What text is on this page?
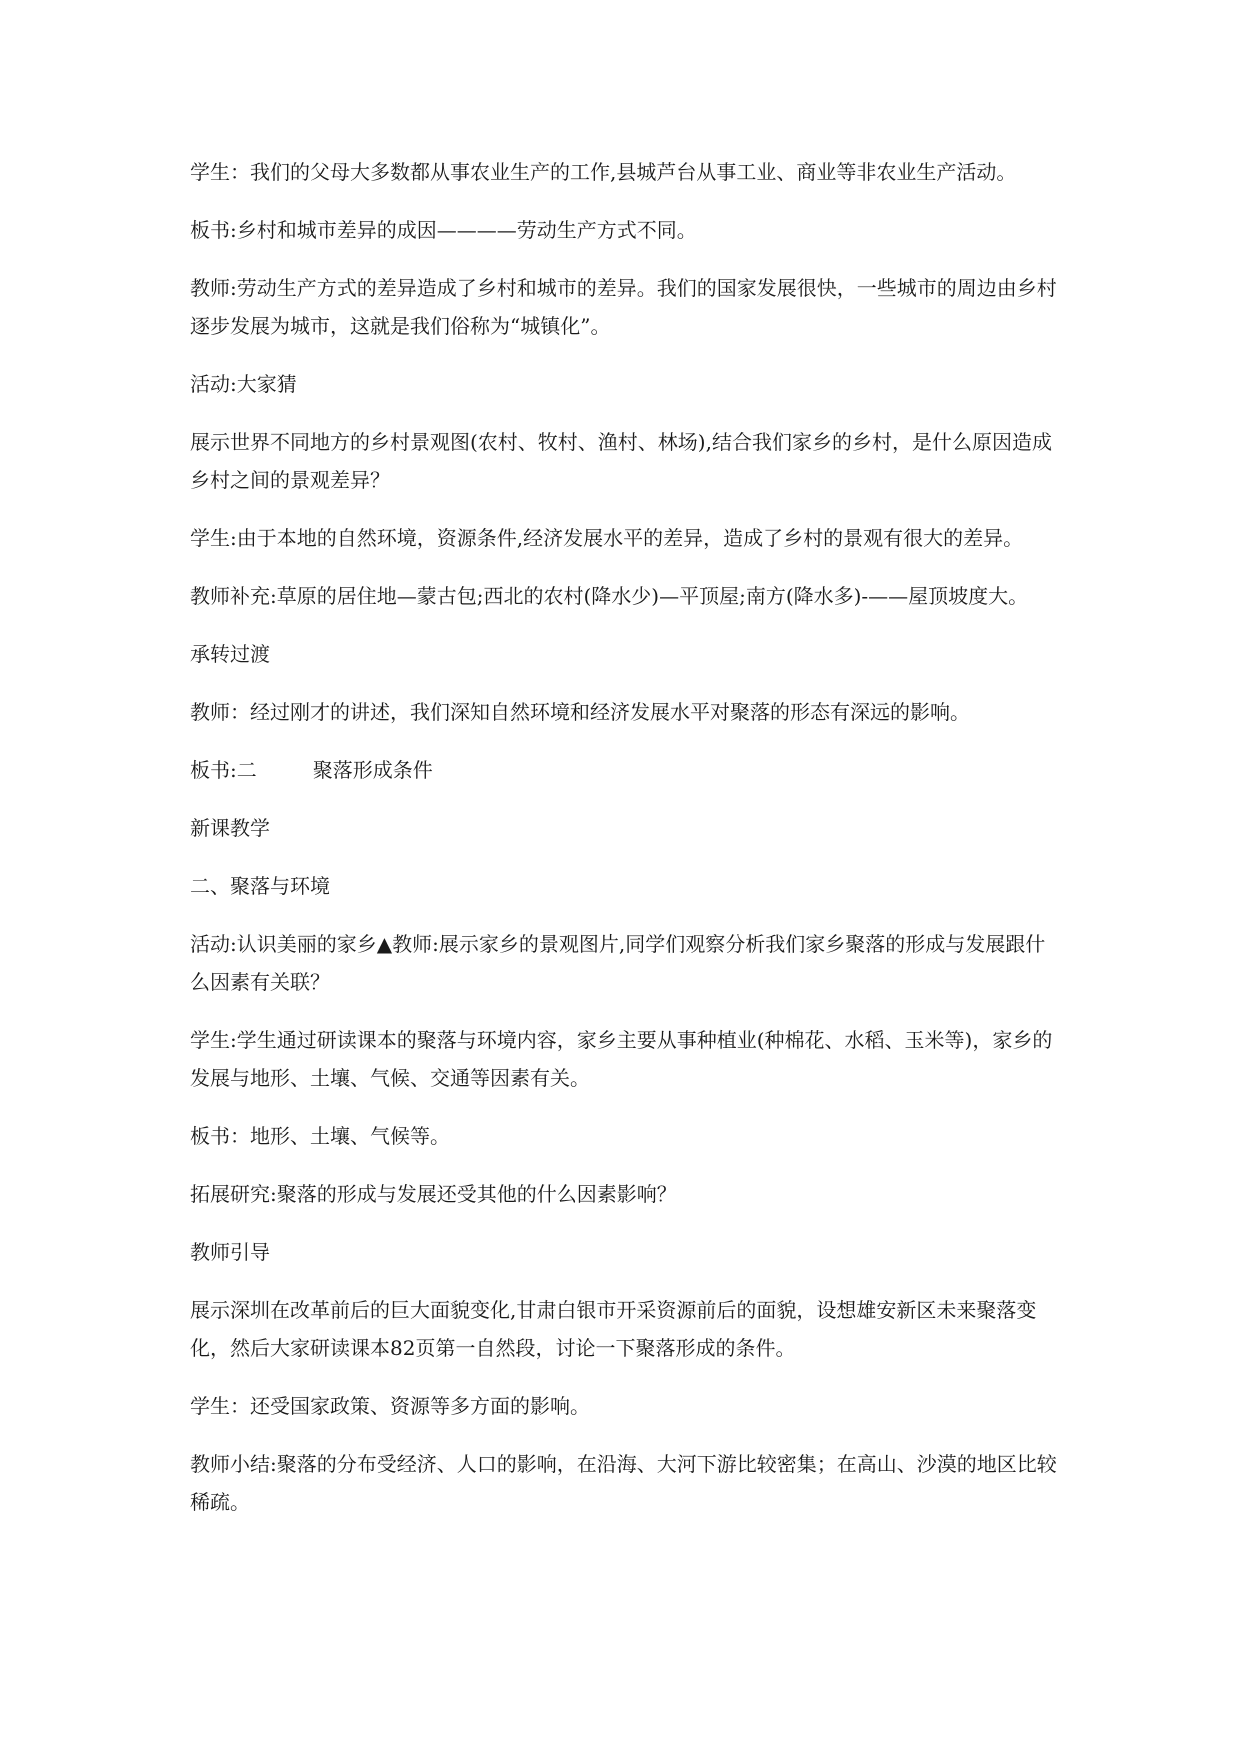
学生：我们的父母大多数都从事农业生产的工作,县城芦台从事工业、商业等非农业生产活动。

板书:乡村和城市差异的成因————劳动生产方式不同。

教师:劳动生产方式的差异造成了乡村和城市的差异。我们的国家发展很快，一些城市的周边由乡村逐步发展为城市，这就是我们俗称为“城镇化”。

活动:大家猜

展示世界不同地方的乡村景观图(农村、牧村、渔村、林场),结合我们家乡的乡村，是什么原因造成乡村之间的景观差异？

学生:由于本地的自然环境，资源条件,经济发展水平的差异，造成了乡村的景观有很大的差异。

教师补充:草原的居住地—蒙古包;西北的农村(降水少)—平顶屋;南方(降水多)-——屋顶坡度大。

承转过渡

教师：经过刚才的讲述，我们深知自然环境和经济发展水平对聚落的形态有深远的影响。

板书:二	聚落形成条件

新课教学

二、聚落与环境

活动:认识美丽的家乡▲教师:展示家乡的景观图片,同学们观察分析我们家乡聚落的形成与发展跟什么因素有关联？

学生:学生通过研读课本的聚落与环境内容，家乡主要从事种植业(种棉花、水稻、玉米等)，家乡的发展与地形、土壤、气候、交通等因素有关。

板书：地形、土壤、气候等。

拓展研究:聚落的形成与发展还受其他的什么因素影响？

教师引导

展示深圳在改革前后的巨大面貌变化,甘肃白银市开采资源前后的面貌，设想雄安新区未来聚落变化，然后大家研读课本82页第一自然段，讨论一下聚落形成的条件。

学生：还受国家政策、资源等多方面的影响。

教师小结:聚落的分布受经济、人口的影响，在沿海、大河下游比较密集；在高山、沙漠的地区比较稀疏。
